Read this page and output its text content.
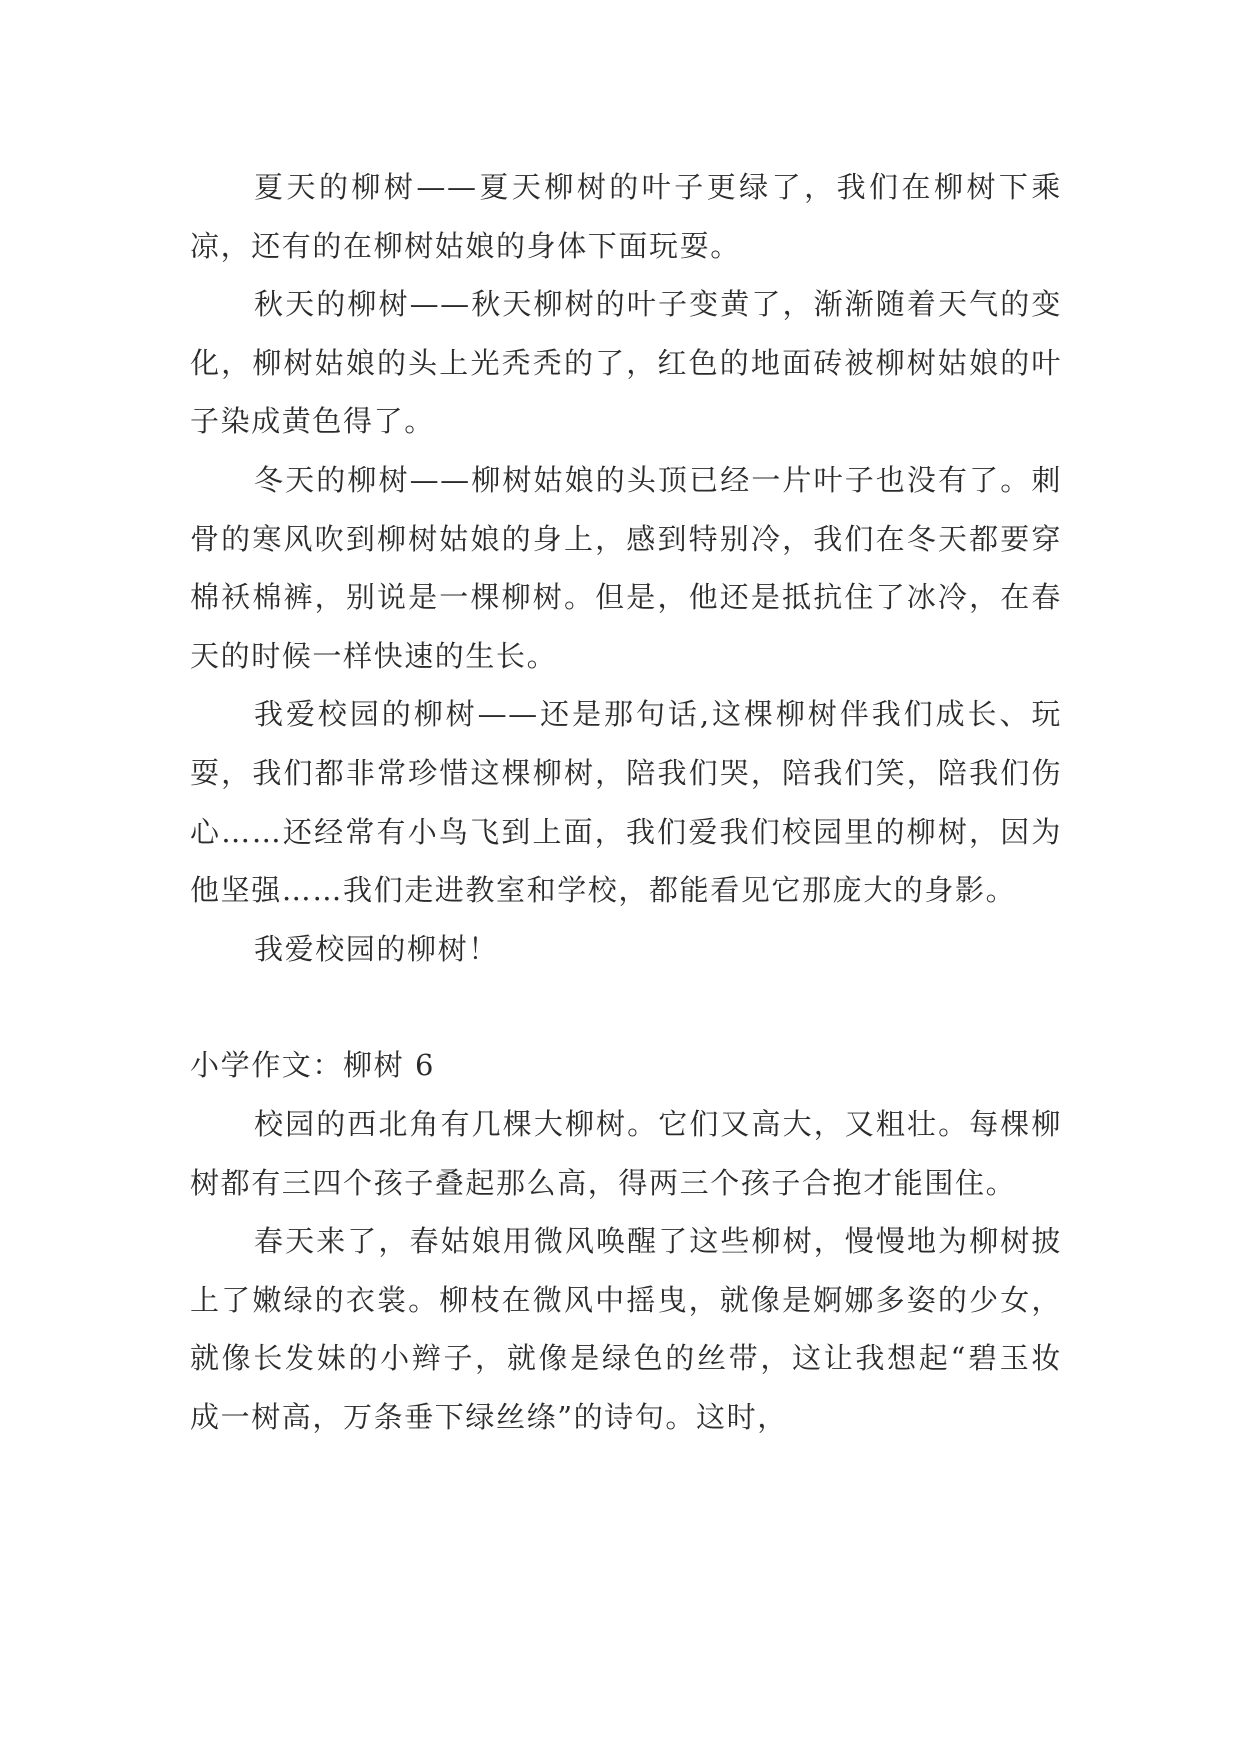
夏天的柳树——夏天柳树的叶子更绿了，我们在柳树下乘凉，还有的在柳树姑娘的身体下面玩耍。

秋天的柳树——秋天柳树的叶子变黄了，渐渐随着天气的变化，柳树姑娘的头上光秃秃的了，红色的地面砖被柳树姑娘的叶子染成黄色得了。

冬天的柳树——柳树姑娘的头顶已经一片叶子也没有了。刺骨的寒风吹到柳树姑娘的身上，感到特别冷，我们在冬天都要穿棉袄棉裤，别说是一棵柳树。但是，他还是抵抗住了冰冷，在春天的时候一样快速的生长。

我爱校园的柳树——还是那句话,这棵柳树伴我们成长、玩耍，我们都非常珍惜这棵柳树，陪我们哭，陪我们笑，陪我们伤心……还经常有小鸟飞到上面，我们爱我们校园里的柳树，因为他坚强……我们走进教室和学校，都能看见它那庞大的身影。

我爱校园的柳树！

小学作文：柳树 6

校园的西北角有几棵大柳树。它们又高大，又粗壮。每棵柳树都有三四个孩子叠起那么高，得两三个孩子合抱才能围住。

春天来了，春姑娘用微风唤醒了这些柳树，慢慢地为柳树披上了嫩绿的衣裳。柳枝在微风中摇曳，就像是婀娜多姿的少女，就像长发妹的小辫子，就像是绿色的丝带，这让我想起“碧玉妆成一树高，万条垂下绿丝绦”的诗句。这时，
